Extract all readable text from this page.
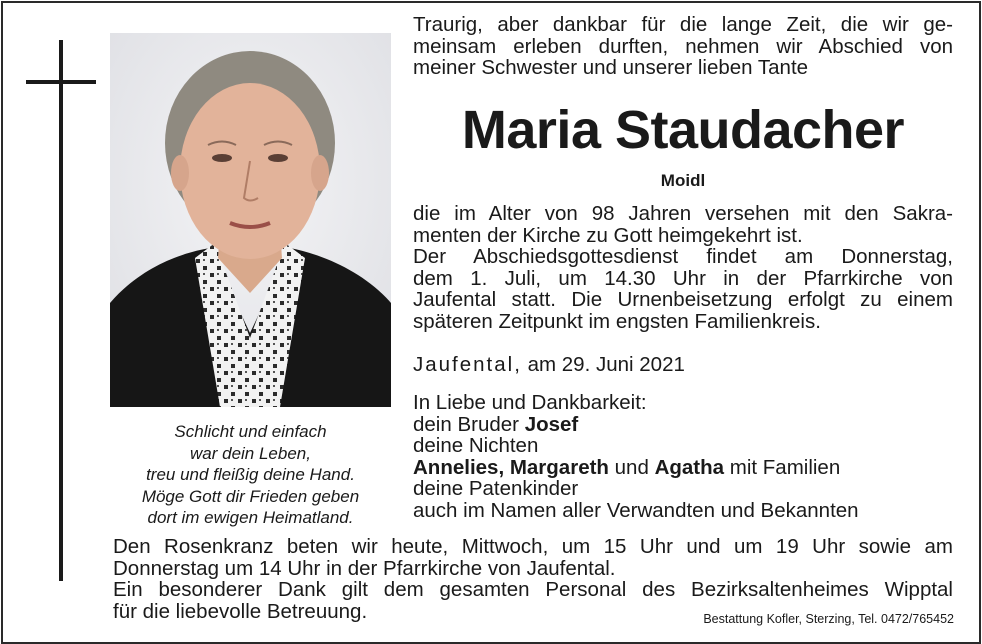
Schlicht und einfach
war dein Leben,
treu und fleißig deine Hand.
Möge Gott dir Frieden geben
dort im ewigen Heimatland.
Traurig, aber dankbar für die lange Zeit, die wir ge-
meinsam erleben durften, nehmen wir Abschied von
meiner Schwester und unserer lieben Tante
Maria Staudacher
Moidl
die im Alter von 98 Jahren versehen mit den Sakra-
menten der Kirche zu Gott heimgekehrt ist.
Der Abschiedsgottesdienst findet am Donnerstag,
dem 1. Juli, um 14.30 Uhr in der Pfarrkirche von
Jaufental statt. Die Urnenbeisetzung erfolgt zu einem
späteren Zeitpunkt im engsten Familienkreis.
Jaufental, am 29. Juni 2021
In Liebe und Dankbarkeit:
dein Bruder Josef
deine Nichten
Annelies, Margareth und Agatha mit Familien
deine Patenkinder
auch im Namen aller Verwandten und Bekannten
Den Rosenkranz beten wir heute, Mittwoch, um 15 Uhr und um 19 Uhr sowie am
Donnerstag um 14 Uhr in der Pfarrkirche von Jaufental.
Ein besonderer Dank gilt dem gesamten Personal des Bezirksaltenheimes Wipptal
für die liebevolle Betreuung.	Bestattung Kofler, Sterzing, Tel. 0472/765452
